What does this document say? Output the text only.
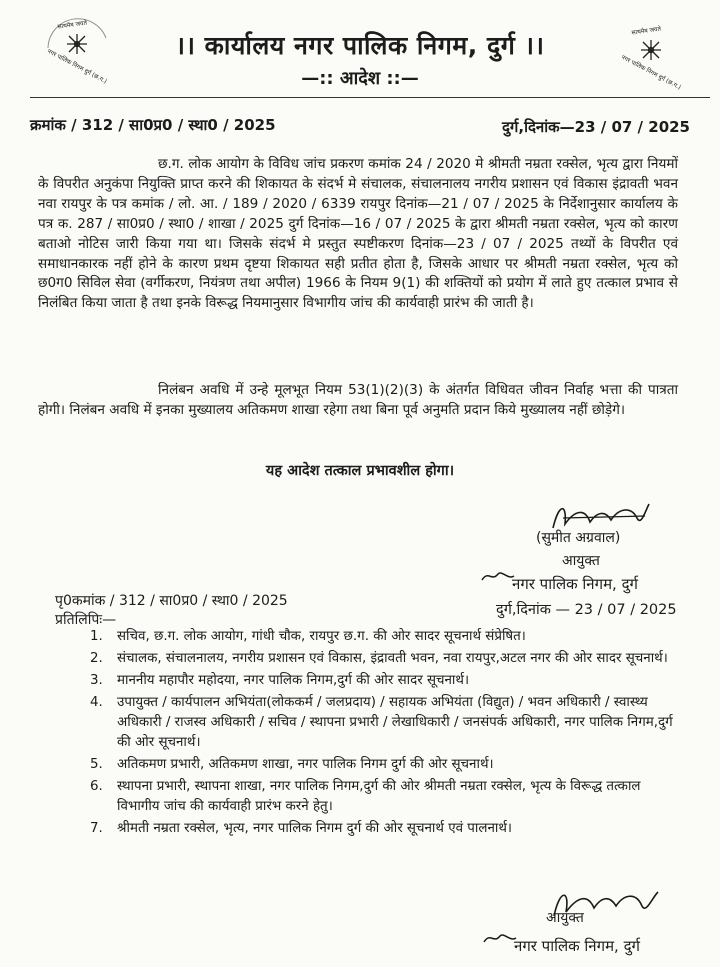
सत्यमेव जयते
नगर पालिक निगम दुर्ग (छ.ग.)
सत्यमेव जयते
नगर पालिक निगम दुर्ग (छ.ग.)
।। कार्यालय नगर पालिक निगम, दुर्ग ।।
—:: आदेश ::—
क्रमांक / 312 / सा0प्र0 / स्था0 / 2025	दुर्ग,दिनांक—23 / 07 / 2025

छ.ग. लोक आयोग के विविध जांच प्रकरण कमांक 24 / 2020 मे श्रीमती नम्रता रक्सेल, भृत्य द्वारा नियमों के विपरीत अनुकंपा नियुक्ति प्राप्त करने की शिकायत के संदर्भ मे संचालक, संचालनालय नगरीय प्रशासन एवं विकास इंद्रावती भवन नवा रायपुर के पत्र कमांक / लो. आ. / 189 / 2020 / 6339 रायपुर दिनांक—21 / 07 / 2025 के निर्देशानुसार कार्यालय के पत्र क. 287 / सा0प्र0 / स्था0 / शाखा / 2025 दुर्ग दिनांक—16 / 07 / 2025 के द्वारा श्रीमती नम्रता रक्सेल, भृत्य को कारण बताओ नोटिस जारी किया गया था। जिसके संदर्भ मे प्रस्तुत स्पष्टीकरण दिनांक—23 / 07 / 2025 तथ्यों के विपरीत एवं समाधानकारक नहीं होने के कारण प्रथम दृष्टया शिकायत सही प्रतीत होता है, जिसके आधार पर श्रीमती नम्रता रक्सेल, भृत्य को छ0ग0 सिविल सेवा (वर्गीकरण, नियंत्रण तथा अपील) 1966 के नियम 9(1) की शक्तियों को प्रयोग में लाते हुए तत्काल प्रभाव से निलंबित किया जाता है तथा इनके विरूद्ध नियमानुसार विभागीय जांच की कार्यवाही प्रारंभ की जाती है।

निलंबन अवधि में उन्हे मूलभूत नियम 53(1)(2)(3) के अंतर्गत विधिवत जीवन निर्वाह भत्ता की पात्रता होगी। निलंबन अवधि में इनका मुख्यालय अतिकमण शाखा रहेगा तथा बिना पूर्व अनुमति प्रदान किये मुख्यालय नहीं छोड़ेगे।

यह आदेश तत्काल प्रभावशील होगा।
(सुमीत अग्रवाल)
आयुक्त
नगर पालिक निगम, दुर्ग
पृ0कमांक / 312 / सा0प्र0 / स्था0 / 2025
दुर्ग,दिनांक — 23 / 07 / 2025
प्रतिलिपिः—
1. सचिव, छ.ग. लोक आयोग, गांधी चौक, रायपुर छ.ग. की ओर सादर सूचनार्थ संप्रेषित।
2. संचालक, संचालनालय, नगरीय प्रशासन एवं विकास, इंद्रावती भवन, नवा रायपुर,अटल नगर की ओर सादर सूचनार्थ।
3. माननीय महापौर महोदया, नगर पालिक निगम,दुर्ग की ओर सादर सूचनार्थ।
4. उपायुक्त / कार्यपालन अभियंता(लोककर्म / जलप्रदाय) / सहायक अभियंता (विद्युत) / भवन अधिकारी / स्वास्थ्य अधिकारी / राजस्व अधिकारी / सचिव / स्थापना प्रभारी / लेखाधिकारी / जनसंपर्क अधिकारी, नगर पालिक निगम,दुर्ग की ओर सूचनार्थ।
5. अतिकमण प्रभारी, अतिकमण शाखा, नगर पालिक निगम दुर्ग की ओर सूचनार्थ।
6. स्थापना प्रभारी, स्थापना शाखा, नगर पालिक निगम,दुर्ग की ओर श्रीमती नम्रता रक्सेल, भृत्य के विरूद्ध तत्काल विभागीय जांच की कार्यवाही प्रारंभ करने हेतु।
7. श्रीमती नम्रता रक्सेल, भृत्य, नगर पालिक निगम दुर्ग की ओर सूचनार्थ एवं पालनार्थ।
आयुक्त
नगर पालिक निगम, दुर्ग
